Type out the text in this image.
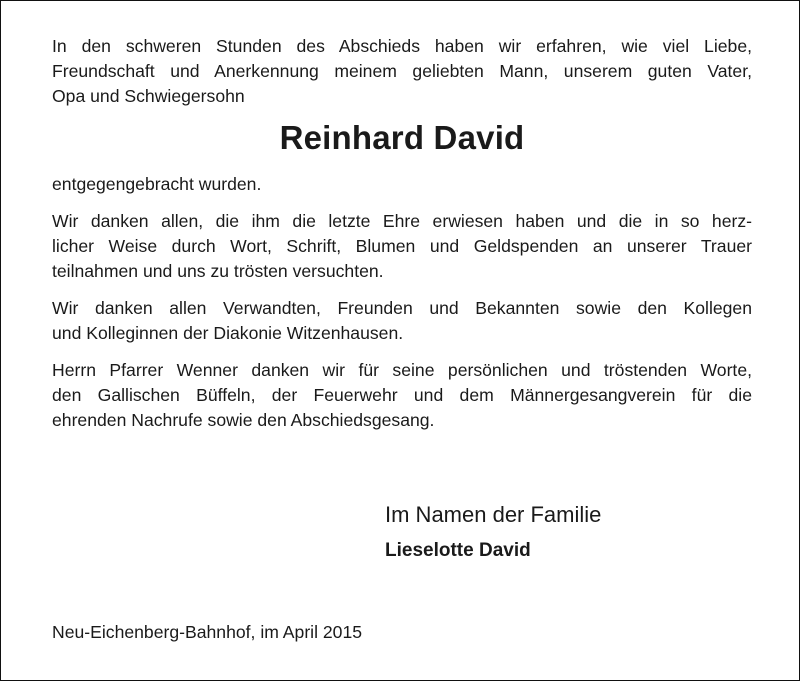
In den schweren Stunden des Abschieds haben wir erfahren, wie viel Liebe,
Freundschaft und Anerkennung meinem geliebten Mann, unserem guten Vater,
Opa und Schwiegersohn

Reinhard David

entgegengebracht wurden.

Wir danken allen, die ihm die letzte Ehre erwiesen haben und die in so herz-
licher Weise durch Wort, Schrift, Blumen und Geldspenden an unserer Trauer
teilnahmen und uns zu trösten versuchten.

Wir danken allen Verwandten, Freunden und Bekannten sowie den Kollegen
und Kolleginnen der Diakonie Witzenhausen.

Herrn Pfarrer Wenner danken wir für seine persönlichen und tröstenden Worte,
den Gallischen Büffeln, der Feuerwehr und dem Männergesangverein für die
ehrenden Nachrufe sowie den Abschiedsgesang.

Im Namen der Familie
Lieselotte David
Neu-Eichenberg-Bahnhof, im April 2015
